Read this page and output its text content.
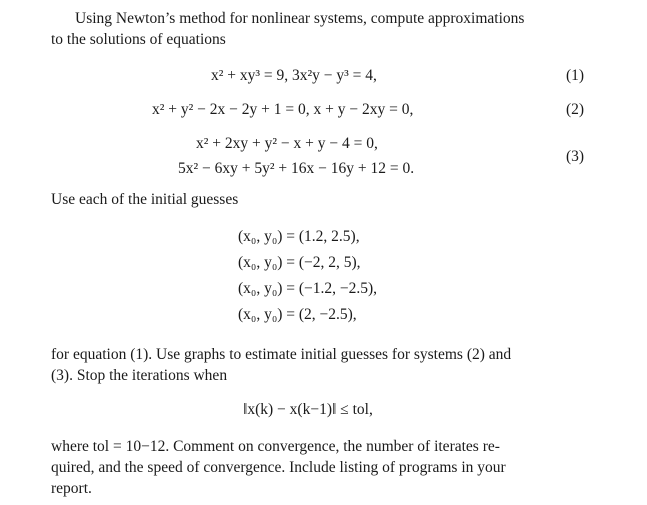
Using Newton’s method for nonlinear systems, compute approximations
to the solutions of equations
x² + xy³ = 9, 3x²y − y³ = 4,	(1)
x² + y² − 2x − 2y + 1 = 0, x + y − 2xy = 0,	(2)
x² + 2xy + y² − x + y − 4 = 0,
5x² − 6xy + 5y² + 16x − 16y + 12 = 0.
(3)
Use each of the initial guesses
(x₀, y₀) = (1.2, 2.5),
(x₀, y₀) = (−2, 2, 5),
(x₀, y₀) = (−1.2, −2.5),
(x₀, y₀) = (2, −2.5),
for equation (1). Use graphs to estimate initial guesses for systems (2) and
(3). Stop the iterations when
‖x(k) − x(k−1)‖ ≤ tol,
where tol = 10−12. Comment on convergence, the number of iterates re-
quired, and the speed of convergence. Include listing of programs in your
report.
